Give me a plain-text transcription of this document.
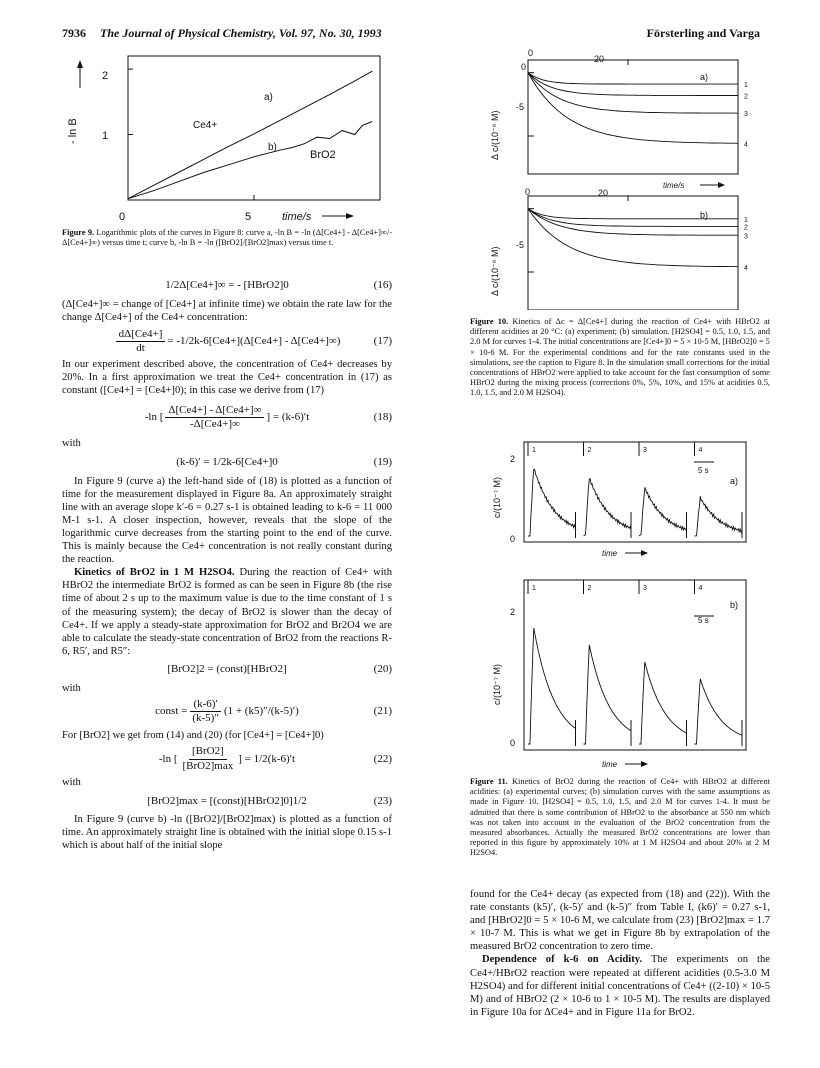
7936 The Journal of Physical Chemistry, Vol. 97, No. 30, 1993	Försterling and Varga
- ln B
2
1
0	5	time/s
a)
Ce4+
b)
BrO2
Figure 9. Logarithmic plots of the curves in Figure 8: curve a, -ln B = -ln (Δ[Ce4+] - Δ[Ce4+]∞/-Δ[Ce4+]∞) versus time t; curve b, -ln B = -ln ([BrO2]/[BrO2]max) versus time t.
1/2Δ[Ce4+]∞ = - [HBrO2]0	(16)

(Δ[Ce4+]∞ = change of [Ce4+] at infinite time) we obtain the rate law for the change Δ[Ce4+] of the Ce4+ concentration:

$\frac{d\Delta[Ce4+]}{dt} = -1/2k-6[Ce4+](\Delta[Ce4+] - \Delta[Ce4+]\infty)$	(17)

In our experiment described above, the concentration of Ce4+ decreases by 20%. In a first approximation we treat the Ce4+ concentration in (17) as constant ([Ce4+] = [Ce4+]0); in this case we derive from (17)

-ln [ $\frac{\Delta[Ce4+] - \Delta[Ce4+]\infty}{-\Delta[Ce4+]\infty}$ ] = (k-6)′t	(18)

with

(k-6)′ = 1/2k-6[Ce4+]0	(19)

In Figure 9 (curve a) the left-hand side of (18) is plotted as a function of time for the measurement displayed in Figure 8a. An approximately straight line with an average slope k′-6 = 0.27 s-1 is obtained leading to k-6 = 11 000 M-1 s-1. A closer inspection, however, reveals that the slope of the logarithmic curve decreases from the starting point to the end of the curve. This is mainly because the Ce4+ concentration is not really constant during the reaction.

Kinetics of BrO2 in 1 M H2SO4. During the reaction of Ce4+ with HBrO2 the intermediate BrO2 is formed as can be seen in Figure 8b (the rise time of about 2 s up to the maximum value is due to the time constant of 1 s of the measuring system); the decay of BrO2 is slower than the decay of Ce4+. If we apply a steady-state approximation for BrO2 and Br2O4 we are able to calculate the steady-state concentration of BrO2 from the reactions R-6, R5′, and R5″:

[BrO2]2 = (const)[HBrO2]	(20)

with

const = $\frac{(k-6)'}{(k-5)''} (1 + (k5)''/(k-5)')$	(21)

For [BrO2] we get from (14) and (20) (for [Ce4+] = [Ce4+]0)

-ln [ $\frac{\text{[BrO2]}}{\text{[BrO2]max}}$ ] = 1/2(k-6)′t	(22)

with

[BrO2]max = [(const)[HBrO2]0]1/2	(23)

In Figure 9 (curve b) -ln ([BrO2]/[BrO2]max) is plotted as a function of time. An approximately straight line is obtained with the initial slope 0.15 s-1 which is about half of the initial slope

1
2
3
4
1
2
3
4
0
20
0
-5
a)
Δ c/(10⁻⁶ M)
0	20
time/s
b)
-5
Δ c/(10⁻⁶ M)
Figure 10. Kinetics of Δc = Δ[Ce4+] during the reaction of Ce4+ with HBrO2 at different acidities at 20 °C: (a) experiment; (b) simulation. [H2SO4] = 0.5, 1.0, 1.5, and 2.0 M for curves 1-4. The initial concentrations are [Ce4+]0 = 5 × 10-5 M, [HBrO2]0 = 5 × 10-6 M. For the experimental conditions and for the rate constants used in the simulations, see the caption to Figure 8. In the simulation small corrections for the initial concentrations of HBrO2 were applied to take account for the fast consumption of some HBrO2 during the mixing process (corrections 0%, 5%, 10%, and 15% at acidities 0.5, 1.0, 1.5, and 2.0 M H2SO4).
1	2	3	4
1	2	3	4
2
0
a)
5 s
c/(10⁻⁷ M)
time
2
0
b)
5 s
c/(10⁻⁷ M)
time
Figure 11. Kinetics of BrO2 during the reaction of Ce4+ with HBrO2 at different acidities: (a) experimental curves; (b) simulation curves with the same assumptions as made in Figure 10. [H2SO4] = 0.5, 1.0, 1.5, and 2.0 M for curves 1-4. It must be admitted that there is some contribution of HBrO2 to the absorbance at 550 nm which was not taken into account in the evaluation of the BrO2 concentration from the measured absorbances. Actually the measured BrO2 concentrations are lower than reported in this figure by approximately 10% at 1 M H2SO4 and about 20% at 2 M H2SO4.

found for the Ce4+ decay (as expected from (18) and (22)). With the rate constants (k5)′, (k-5)′ and (k-5)″ from Table I, (k6)′ = 0.27 s-1, and [HBrO2]0 = 5 × 10-6 M, we calculate from (23) [BrO2]max = 1.7 × 10-7 M. This is what we get in Figure 8b by extrapolation of the measured BrO2 concentration to zero time.

Dependence of k-6 on Acidity. The experiments on the Ce4+/HBrO2 reaction were repeated at different acidities (0.5-3.0 M H2SO4) and for different initial concentrations of Ce4+ ((2-10) × 10-5 M) and of HBrO2 (2 × 10-6 to 1 × 10-5 M). The results are displayed in Figure 10a for ΔCe4+ and in Figure 11a for BrO2.
